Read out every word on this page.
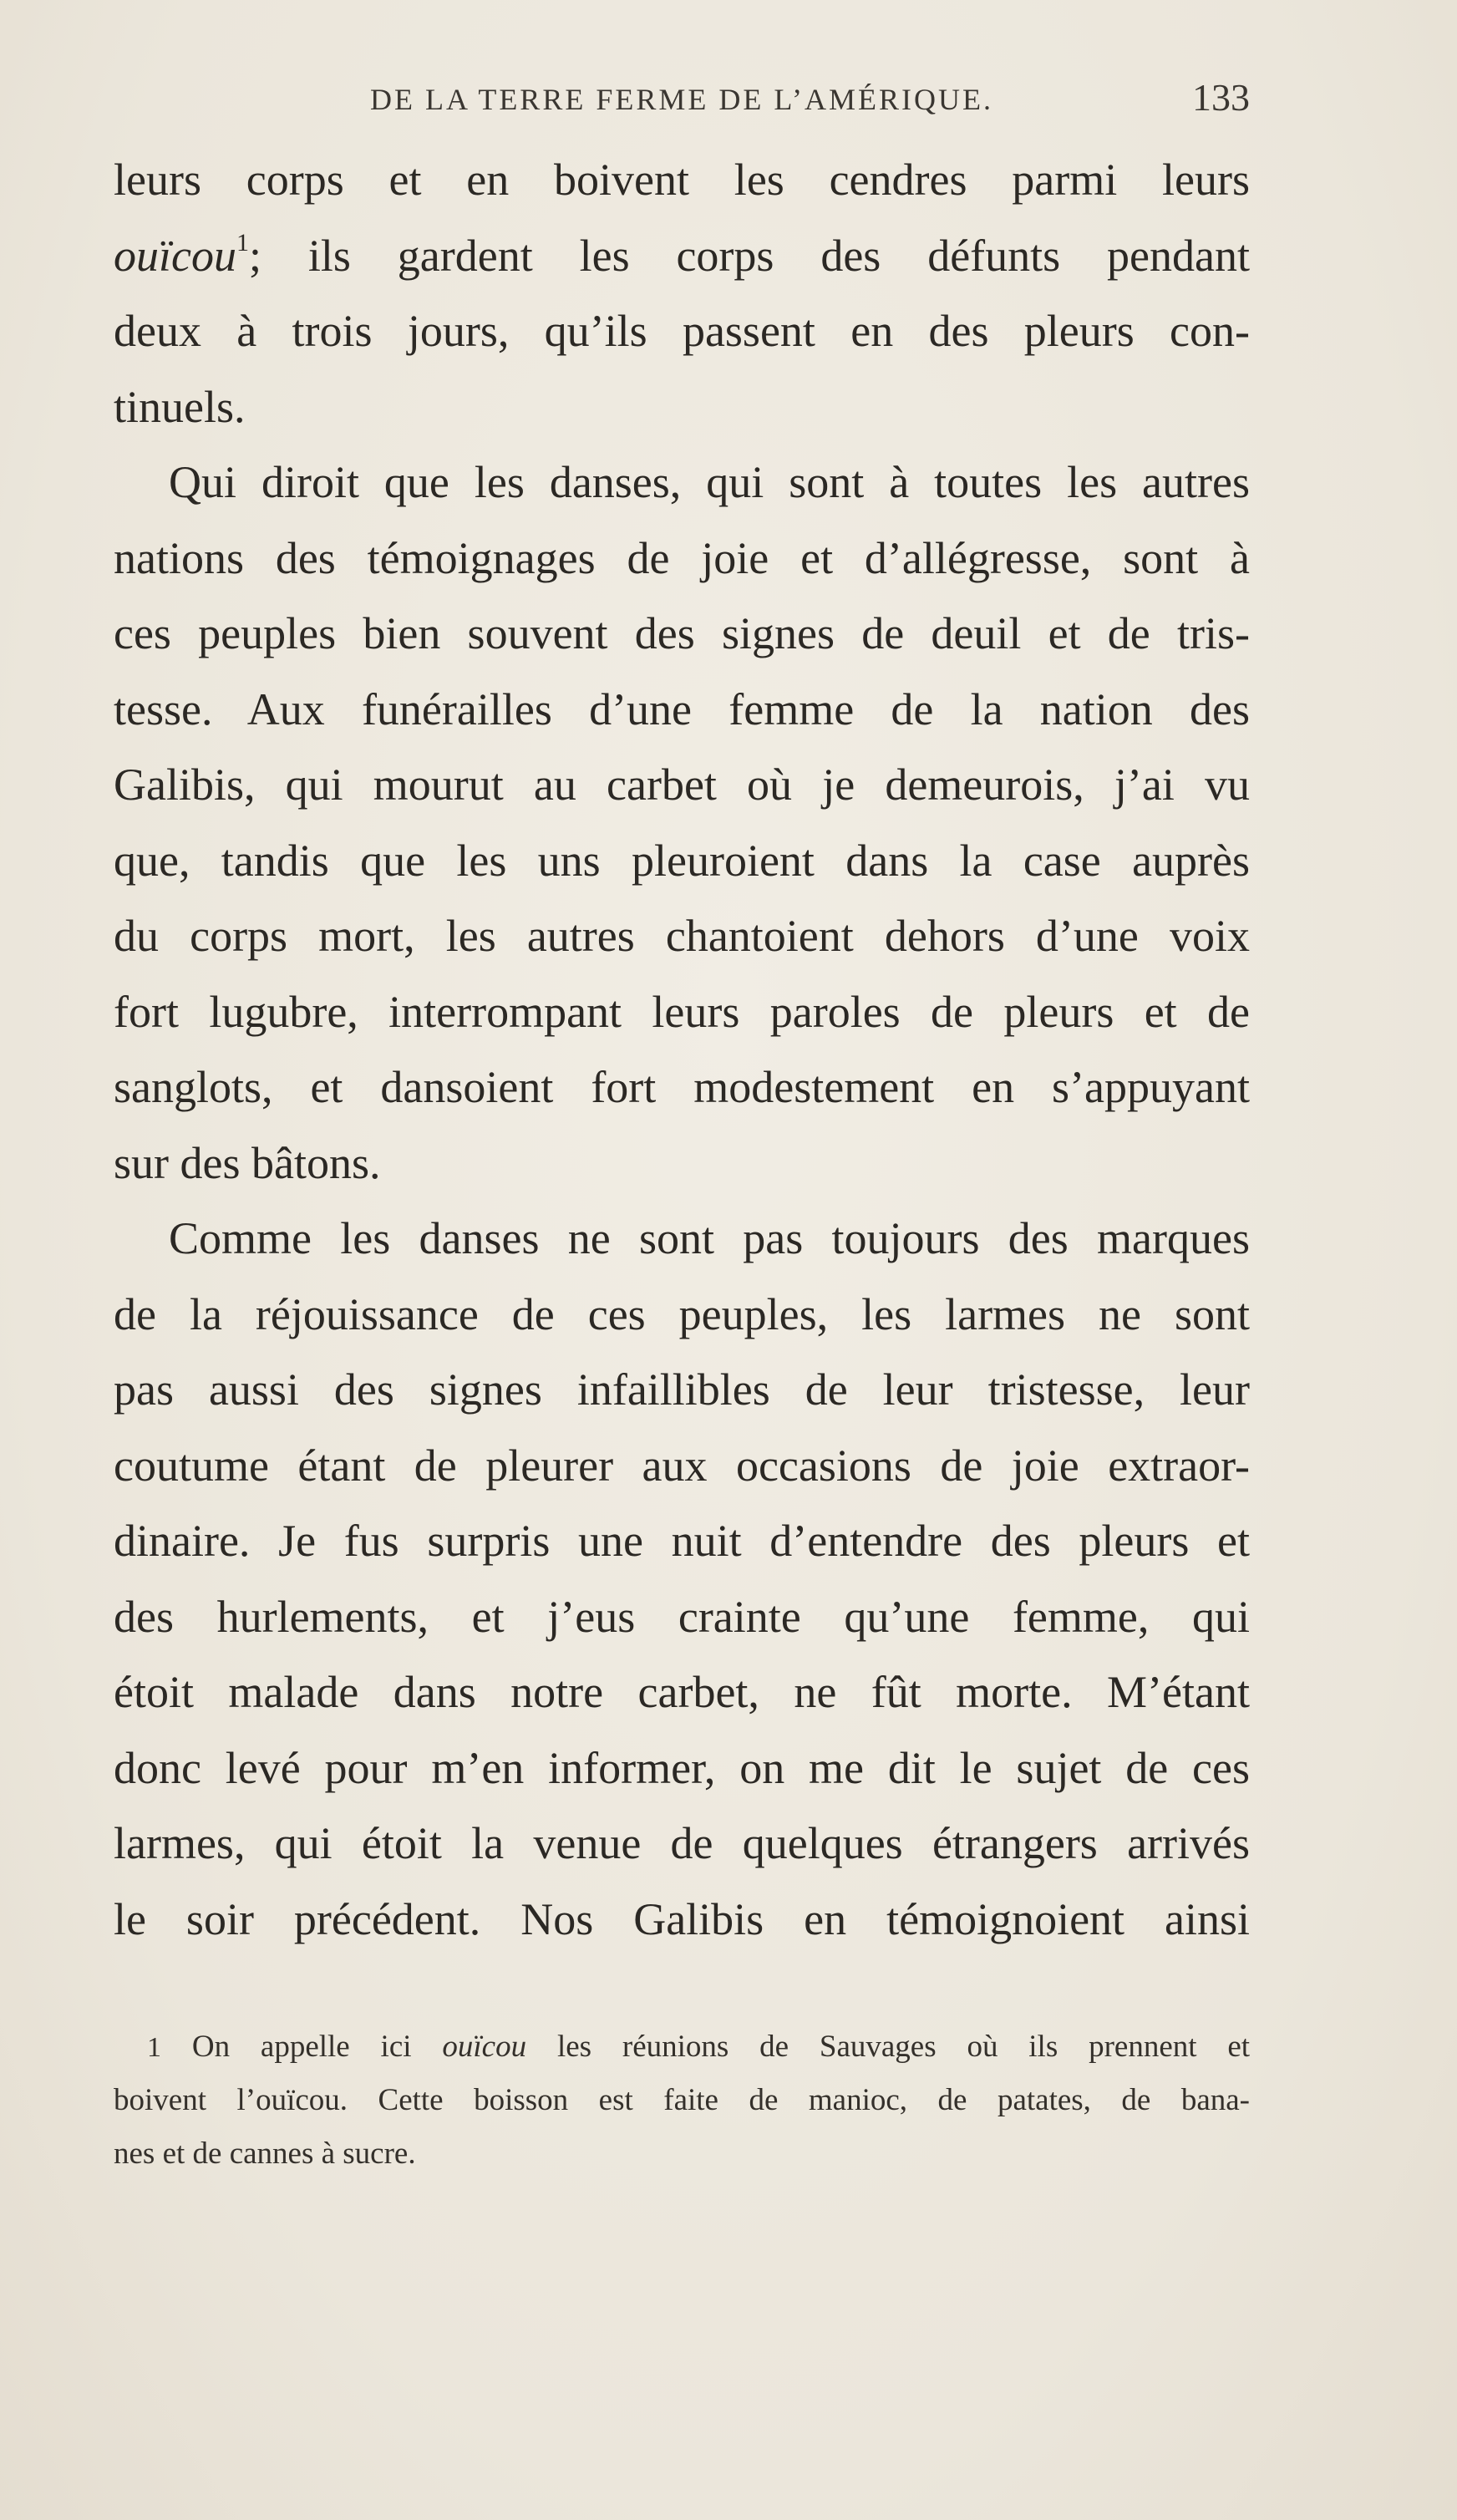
DE LA TERRE FERME DE L’AMÉRIQUE.	133
leurs corps et en boivent les cendres parmi leurs
ouïcou$^1$; ils gardent les corps des défunts pendant
deux à trois jours, qu’ils passent en des pleurs con-
tinuels.
Qui diroit que les danses, qui sont à toutes les autres
nations des témoignages de joie et d’allégresse, sont à
ces peuples bien souvent des signes de deuil et de tris-
tesse. Aux funérailles d’une femme de la nation des
Galibis, qui mourut au carbet où je demeurois, j’ai vu
que, tandis que les uns pleuroient dans la case auprès
du corps mort, les autres chantoient dehors d’une voix
fort lugubre, interrompant leurs paroles de pleurs et de
sanglots, et dansoient fort modestement en s’appuyant
sur des bâtons.
Comme les danses ne sont pas toujours des marques
de la réjouissance de ces peuples, les larmes ne sont
pas aussi des signes infaillibles de leur tristesse, leur
coutume étant de pleurer aux occasions de joie extraor-
dinaire. Je fus surpris une nuit d’entendre des pleurs et
des hurlements, et j’eus crainte qu’une femme, qui
étoit malade dans notre carbet, ne fût morte. M’étant
donc levé pour m’en informer, on me dit le sujet de ces
larmes, qui étoit la venue de quelques étrangers arrivés
le soir précédent. Nos Galibis en témoignoient ainsi
1 On appelle ici ouïcou les réunions de Sauvages où ils prennent et
boivent l’ouïcou. Cette boisson est faite de manioc, de patates, de bana-
nes et de cannes à sucre.
